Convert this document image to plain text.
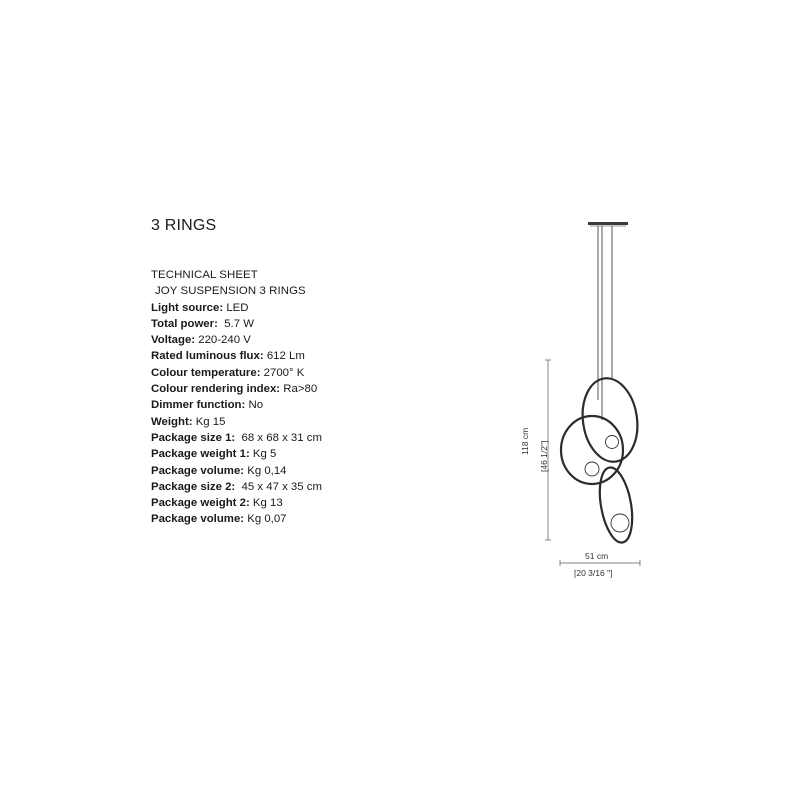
3 RINGS
TECHNICAL SHEET
JOY SUSPENSION 3 RINGS
Light source: LED
Total power:  5.7 W
Voltage: 220-240 V
Rated luminous flux: 612 Lm
Colour temperature: 2700° K
Colour rendering index: Ra>80
Dimmer function: No
Weight: Kg 15
Package size 1:  68 x 68 x 31 cm
Package weight 1: Kg 5
Package volume: Kg 0,14
Package size 2:  45 x 47 x 35 cm
Package weight 2: Kg 13
Package volume: Kg 0,07
118 cm [46 1/2"]
51 cm
[20 3/16 "]
